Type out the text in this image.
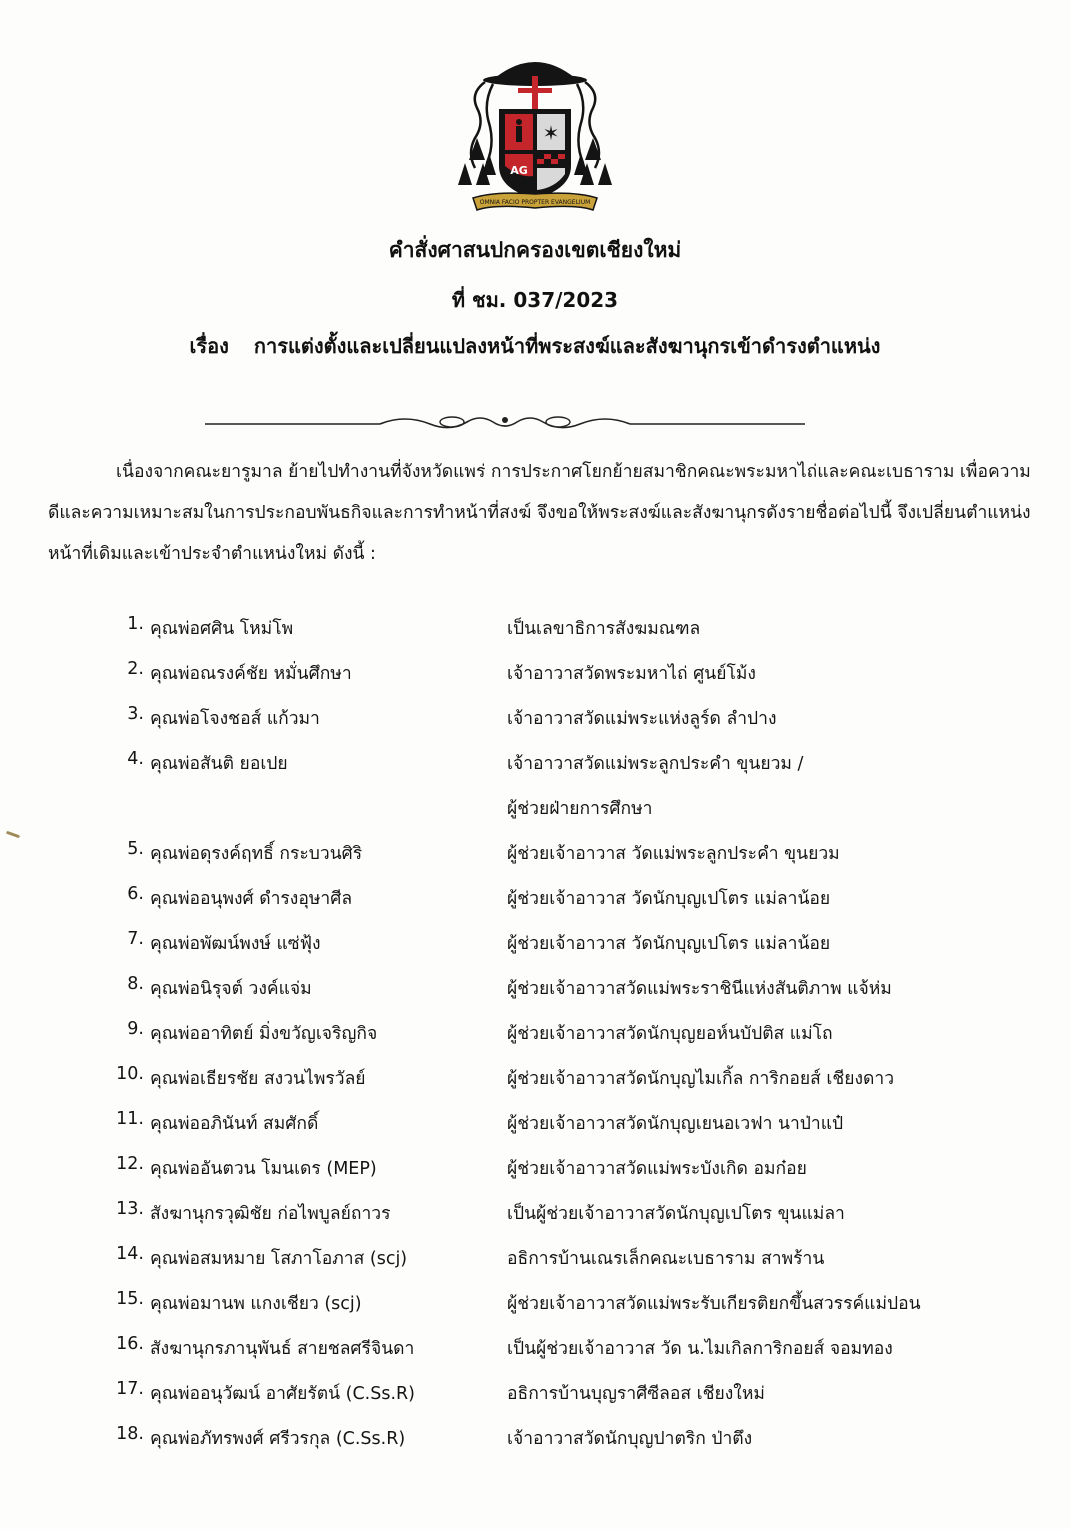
✶
AG
OMNIA FACIO PROPTER EVANGELIUM
คำสั่งศาสนปกครองเขตเชียงใหม่
ที่ ชม. 037/2023
เรื่อง การแต่งตั้งและเปลี่ยนแปลงหน้าที่พระสงฆ์และสังฆานุกรเข้าดำรงตำแหน่ง
เนื่องจากคณะยารูมาล ย้ายไปทำงานที่จังหวัดแพร่ การประกาศโยกย้ายสมาชิกคณะพระมหาไถ่และคณะเบธาราม เพื่อความดีและความเหมาะสมในการประกอบพันธกิจและการทำหน้าที่สงฆ์ จึงขอให้พระสงฆ์และสังฆานุกรดังรายชื่อต่อไปนี้ จึงเปลี่ยนตำแหน่งหน้าที่เดิมและเข้าประจำตำแหน่งใหม่ ดังนี้ :
1. คุณพ่อศศิน โหม่โพ	เป็นเลขาธิการสังฆมณฑล
2. คุณพ่อณรงค์ชัย หมั่นศึกษา	เจ้าอาวาสวัดพระมหาไถ่ ศูนย์โม้ง
3. คุณพ่อโจงชอส์ แก้วมา	เจ้าอาวาสวัดแม่พระแห่งลูร์ด ลำปาง
4. คุณพ่อสันติ ยอเปย	เจ้าอาวาสวัดแม่พระลูกประคำ ขุนยวม /
ผู้ช่วยฝ่ายการศึกษา
5. คุณพ่อดุรงค์ฤทธิ์ กระบวนศิริ	ผู้ช่วยเจ้าอาวาส วัดแม่พระลูกประคำ ขุนยวม
6. คุณพ่ออนุพงศ์ ดำรงอุษาศีล	ผู้ช่วยเจ้าอาวาส วัดนักบุญเปโตร แม่ลาน้อย
7. คุณพ่อพัฒน์พงษ์ แซ่ฟุ้ง	ผู้ช่วยเจ้าอาวาส วัดนักบุญเปโตร แม่ลาน้อย
8. คุณพ่อนิรุจต์ วงค์แจ่ม	ผู้ช่วยเจ้าอาวาสวัดแม่พระราชินีแห่งสันติภาพ แจ้ห่ม
9. คุณพ่ออาทิตย์ มิ่งขวัญเจริญกิจ	ผู้ช่วยเจ้าอาวาสวัดนักบุญยอห์นบัปติส แม่โถ
10. คุณพ่อเธียรชัย สงวนไพรวัลย์	ผู้ช่วยเจ้าอาวาสวัดนักบุญไมเกิ้ล การิกอยส์ เชียงดาว
11. คุณพ่ออภินันท์ สมศักดิ์	ผู้ช่วยเจ้าอาวาสวัดนักบุญเยนอเวฟา นาป่าแป๋
12. คุณพ่ออันตวน โมนเดร (MEP)	ผู้ช่วยเจ้าอาวาสวัดแม่พระบังเกิด อมก๋อย
13. สังฆานุกรวุฒิชัย ก่อไพบูลย์ถาวร	เป็นผู้ช่วยเจ้าอาวาสวัดนักบุญเปโตร ขุนแม่ลา
14. คุณพ่อสมหมาย โสภาโอภาส (scj)	อธิการบ้านเณรเล็กคณะเบธาราม สาพร้าน
15. คุณพ่อมานพ แกงเชียว (scj)	ผู้ช่วยเจ้าอาวาสวัดแม่พระรับเกียรติยกขึ้นสวรรค์แม่ปอน
16. สังฆานุกรภานุพันธ์ สายชลศรีจินดา	เป็นผู้ช่วยเจ้าอาวาส วัด น.ไมเกิลการิกอยส์ จอมทอง
17. คุณพ่ออนุวัฒน์ อาศัยรัตน์ (C.Ss.R)	อธิการบ้านบุญราศีซีลอส เชียงใหม่
18. คุณพ่อภัทรพงศ์ ศรีวรกุล (C.Ss.R)	เจ้าอาวาสวัดนักบุญปาตริก ป่าตึง
